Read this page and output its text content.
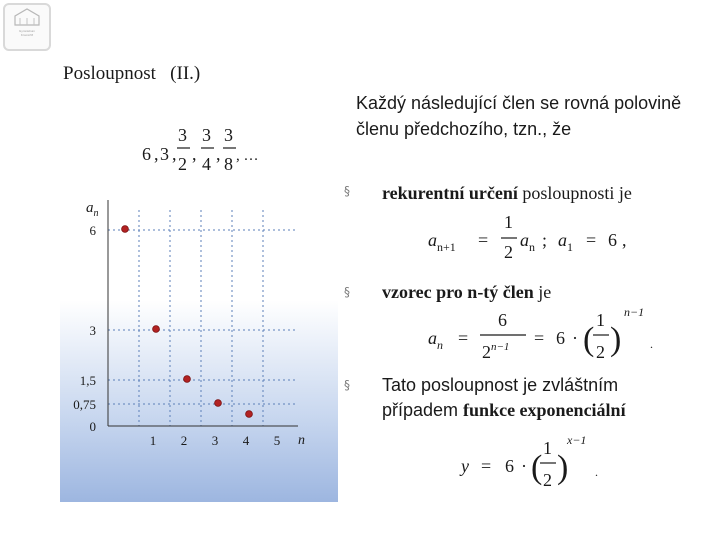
Gymnázium
Kroměříž
Posloupnost   (II.)
Každý následující člen se rovná polovině členu předchozího, tzn., že
6 , 3 ,
3
2 ,
3
4 ,
3
8 , …
6
3
1,5
0,75
0
1 2 3 4 5
$a_n$
n
§ rekurentní určení posloupnosti je
$a_{n+1}$ =
1
2
$a_n$ ; $a_1 = 6$ ,
§ vzorec pro n-tý člen je
$a_n$ =
6
$2^{n-1} = 6$ · (
1
2 )
n−1
.
§ Tato posloupnost je zvláštním
případem funkce exponenciální
y = 6 · (
1
2 )
x−1
.
